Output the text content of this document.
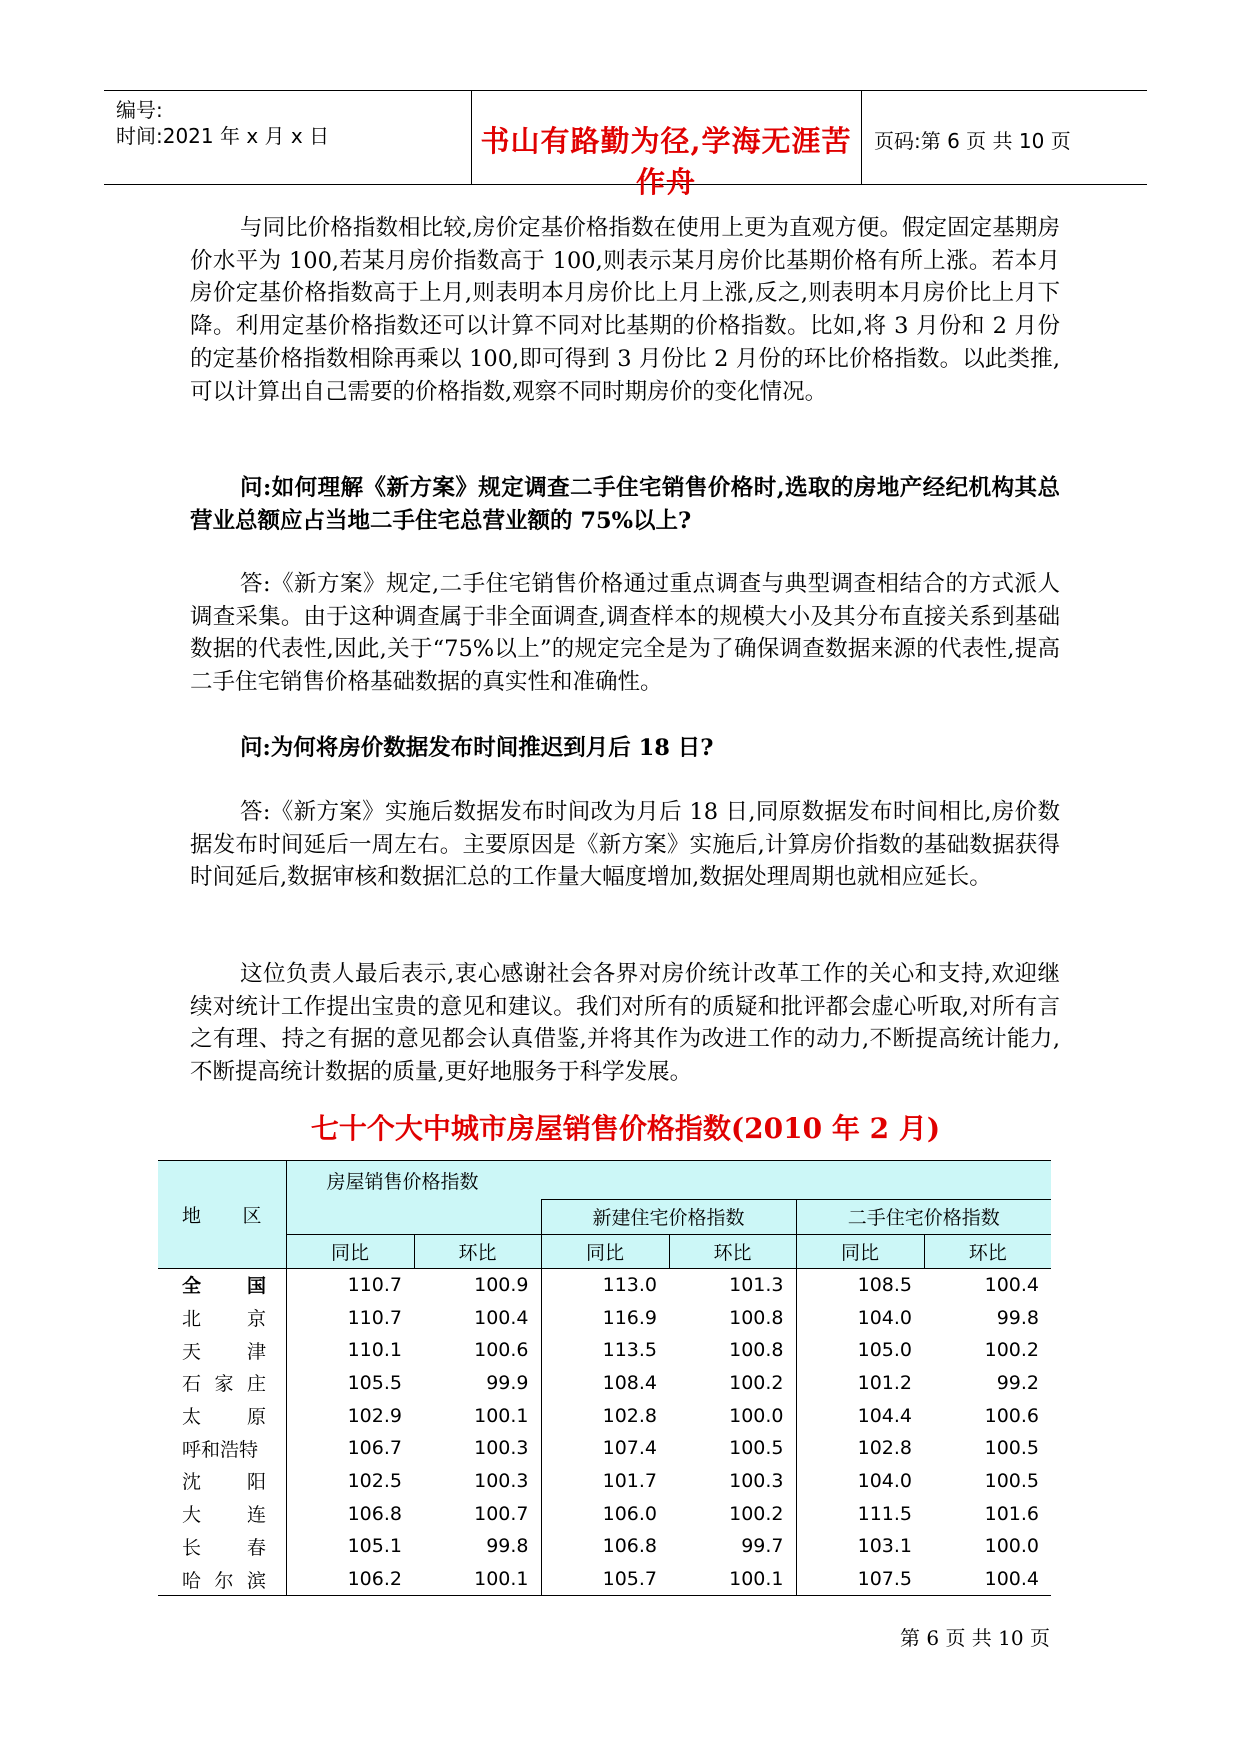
编号:
时间:2021 年 x 月 x 日	书山有路勤为径,学海无涯苦作舟
页码:第 6 页 共 10 页
与同比价格指数相比较,房价定基价格指数在使用上更为直观方便。假定固定基期房价水平为 100,若某月房价指数高于 100,则表示某月房价比基期价格有所上涨。若本月房价定基价格指数高于上月,则表明本月房价比上月上涨,反之,则表明本月房价比上月下降。利用定基价格指数还可以计算不同对比基期的价格指数。比如,将 3 月份和 2 月份的定基价格指数相除再乘以 100,即可得到 3 月份比 2 月份的环比价格指数。以此类推,可以计算出自己需要的价格指数,观察不同时期房价的变化情况。
问:如何理解《新方案》规定调查二手住宅销售价格时,选取的房地产经纪机构其总营业总额应占当地二手住宅总营业额的 75%以上?
答:《新方案》规定,二手住宅销售价格通过重点调查与典型调查相结合的方式派人调查采集。由于这种调查属于非全面调查,调查样本的规模大小及其分布直接关系到基础数据的代表性,因此,关于“75%以上”的规定完全是为了确保调查数据来源的代表性,提高二手住宅销售价格基础数据的真实性和准确性。
问:为何将房价数据发布时间推迟到月后 18 日?
答:《新方案》实施后数据发布时间改为月后 18 日,同原数据发布时间相比,房价数据发布时间延后一周左右。主要原因是《新方案》实施后,计算房价指数的基础数据获得时间延后,数据审核和数据汇总的工作量大幅度增加,数据处理周期也就相应延长。
这位负责人最后表示,衷心感谢社会各界对房价统计改革工作的关心和支持,欢迎继续对统计工作提出宝贵的意见和建议。我们对所有的质疑和批评都会虚心听取,对所有言之有理、持之有据的意见都会认真借鉴,并将其作为改进工作的动力,不断提高统计能力,不断提高统计数据的质量,更好地服务于科学发展。
七十个大中城市房屋销售价格指数(2010 年 2 月)
地 区	房屋销售价格指数					
			新建住宅价格指数		二手住宅价格指数	
	同比	环比	同比	环比	同比	环比

全 国	110.7	100.9	113.0	101.3	108.5	100.4

北 京	110.7	100.4	116.9	100.8	104.0	99.8

天 津	110.1	100.6	113.5	100.8	105.0	100.2

石 家 庄	105.5	99.9	108.4	100.2	101.2	99.2

太 原	102.9	100.1	102.8	100.0	104.4	100.6

呼和浩特	106.7	100.3	107.4	100.5	102.8	100.5

沈 阳	102.5	100.3	101.7	100.3	104.0	100.5

大 连	106.8	100.7	106.0	100.2	111.5	101.6

长 春	105.1	99.8	106.8	99.7	103.1	100.0

哈 尔 滨	106.2	100.1	105.7	100.1	107.5	100.4
第 6 页 共 10 页
